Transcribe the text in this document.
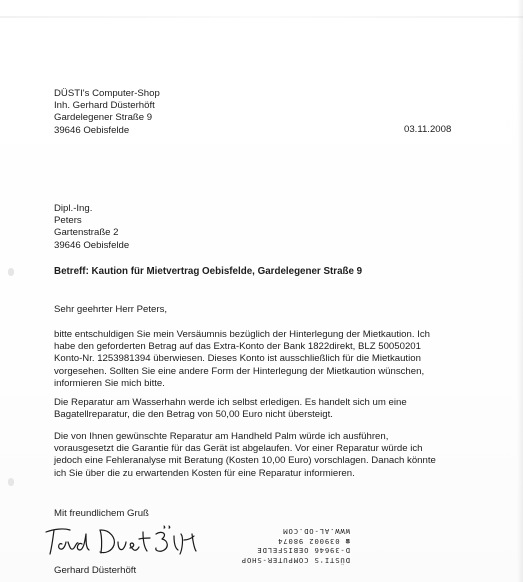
DÜSTI's Computer-Shop
Inh. Gerhard Düsterhöft
Gardelegener Straße 9
39646 Oebisfelde	03.11.2008
Dipl.-Ing.
Peters
Gartenstraße 2
39646 Oebisfelde
Betreff: Kaution für Mietvertrag Oebisfelde, Gardelegener Straße 9
Sehr geehrter Herr Peters,
bitte entschuldigen Sie mein Versäumnis bezüglich der Hinterlegung der Mietkaution. Ich
habe den geforderten Betrag auf das Extra-Konto der Bank 1822direkt, BLZ 50050201
Konto-Nr. 1253981394 überwiesen. Dieses Konto ist ausschließlich für die Mietkaution
vorgesehen. Sollten Sie eine andere Form der Hinterlegung der Mietkaution wünschen,
informieren Sie mich bitte.
Die Reparatur am Wasserhahn werde ich selbst erledigen. Es handelt sich um eine
Bagatellreparatur, die den Betrag von 50,00 Euro nicht übersteigt.
Die von Ihnen gewünschte Reparatur am Handheld Palm würde ich ausführen,
vorausgesetzt die Garantie für das Gerät ist abgelaufen. Vor einer Reparatur würde ich
jedoch eine Fehleranalyse mit Beratung (Kosten 10,00 Euro) vorschlagen. Danach könnte
ich Sie über die zu erwartenden Kosten für eine Reparatur informieren.
Mit freundlichem Gruß
DÜSTI'S COMPUTER-SHOP
D-39646 OEBISFELDE
☎ 039002 98074
WWW.AL-OD.COM
Gerhard Düsterhöft
